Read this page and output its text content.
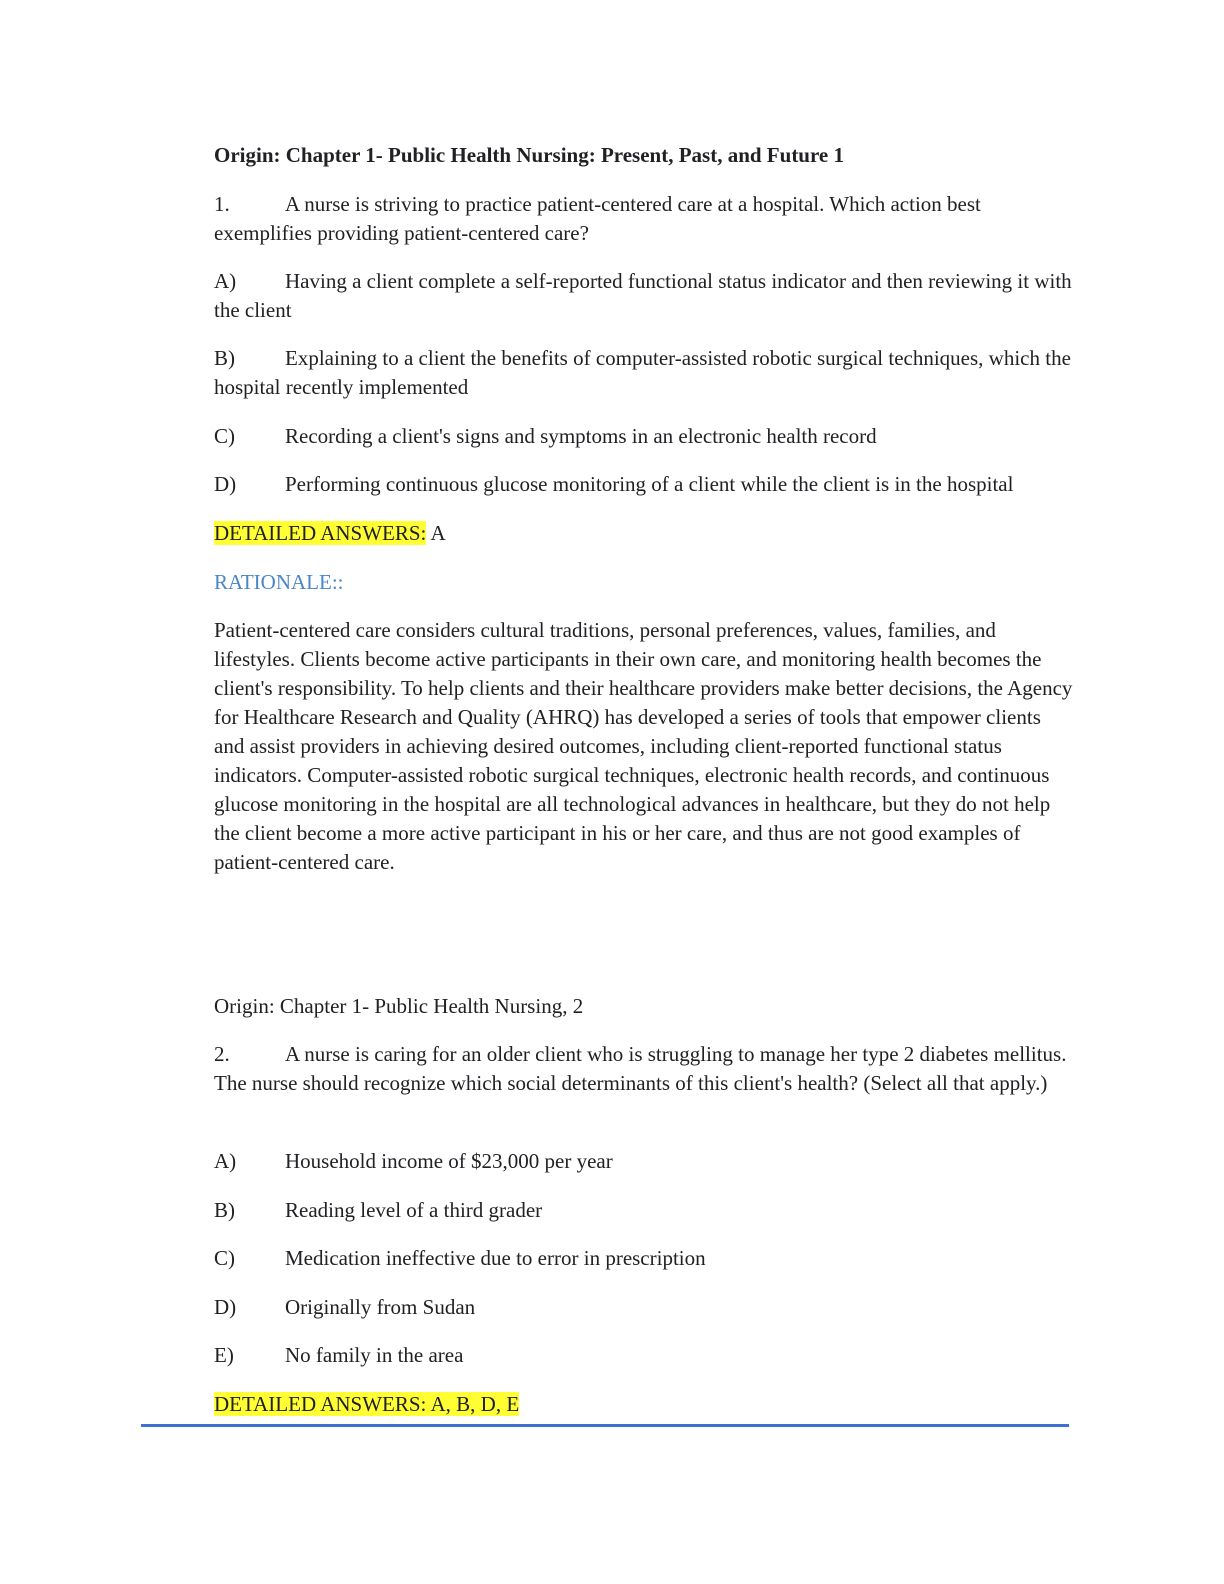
Origin: Chapter 1- Public Health Nursing: Present, Past, and Future 1

1.	A nurse is striving to practice patient-centered care at a hospital. Which action best exemplifies providing patient-centered care?

A) Having a client complete a self-reported functional status indicator and then reviewing it with the client

B) Explaining to a client the benefits of computer-assisted robotic surgical techniques, which the hospital recently implemented

C) Recording a client's signs and symptoms in an electronic health record

D) Performing continuous glucose monitoring of a client while the client is in the hospital

DETAILED ANSWERS: A

RATIONALE::

Patient-centered care considers cultural traditions, personal preferences, values, families, and lifestyles. Clients become active participants in their own care, and monitoring health becomes the client's responsibility. To help clients and their healthcare providers make better decisions, the Agency for Healthcare Research and Quality (AHRQ) has developed a series of tools that empower clients and assist providers in achieving desired outcomes, including client-reported functional status indicators. Computer-assisted robotic surgical techniques, electronic health records, and continuous glucose monitoring in the hospital are all technological advances in healthcare, but they do not help the client become a more active participant in his or her care, and thus are not good examples of patient-centered care.

Origin: Chapter 1- Public Health Nursing, 2

2.	A nurse is caring for an older client who is struggling to manage her type 2 diabetes mellitus. The nurse should recognize which social determinants of this client's health? (Select all that apply.)

A) Household income of $23,000 per year

B) Reading level of a third grader

C) Medication ineffective due to error in prescription

D) Originally from Sudan

E) No family in the area

DETAILED ANSWERS: A, B, D, E
